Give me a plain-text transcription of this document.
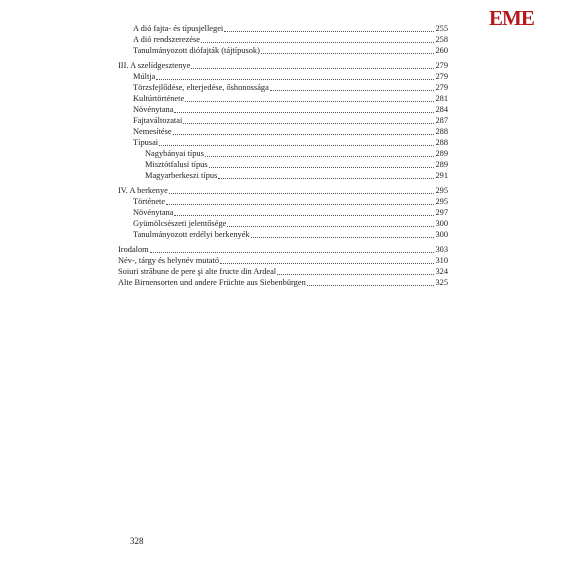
EME
A dió fajta- és típusjellegei	255
A dió rendszerezése	258
Tanulmányozott diófajták (tájtípusok)	260
III. A szelídgesztenye	279
Múltja	279
Törzsfejlődése, elterjedése, őshonossága	279
Kultúrtörténete	281
Növénytana	284
Fajtaváltozatai	287
Nemesítése	288
Típusai	288
Nagybányai típus	289
Misztótfalusi típus	289
Magyarberkeszi típus	291
IV. A berkenye	295
Története	295
Növénytana	297
Gyümölcsészeti jelentősége	300
Tanulmányozott erdélyi berkenyék	300
Irodalom	303
Név-, tárgy és helynév mutató	310
Soiuri străbune de pere şi alte fructe din Ardeal	324
Alte Birnensorten und andere Früchte aus Siebenbürgen	325
328
